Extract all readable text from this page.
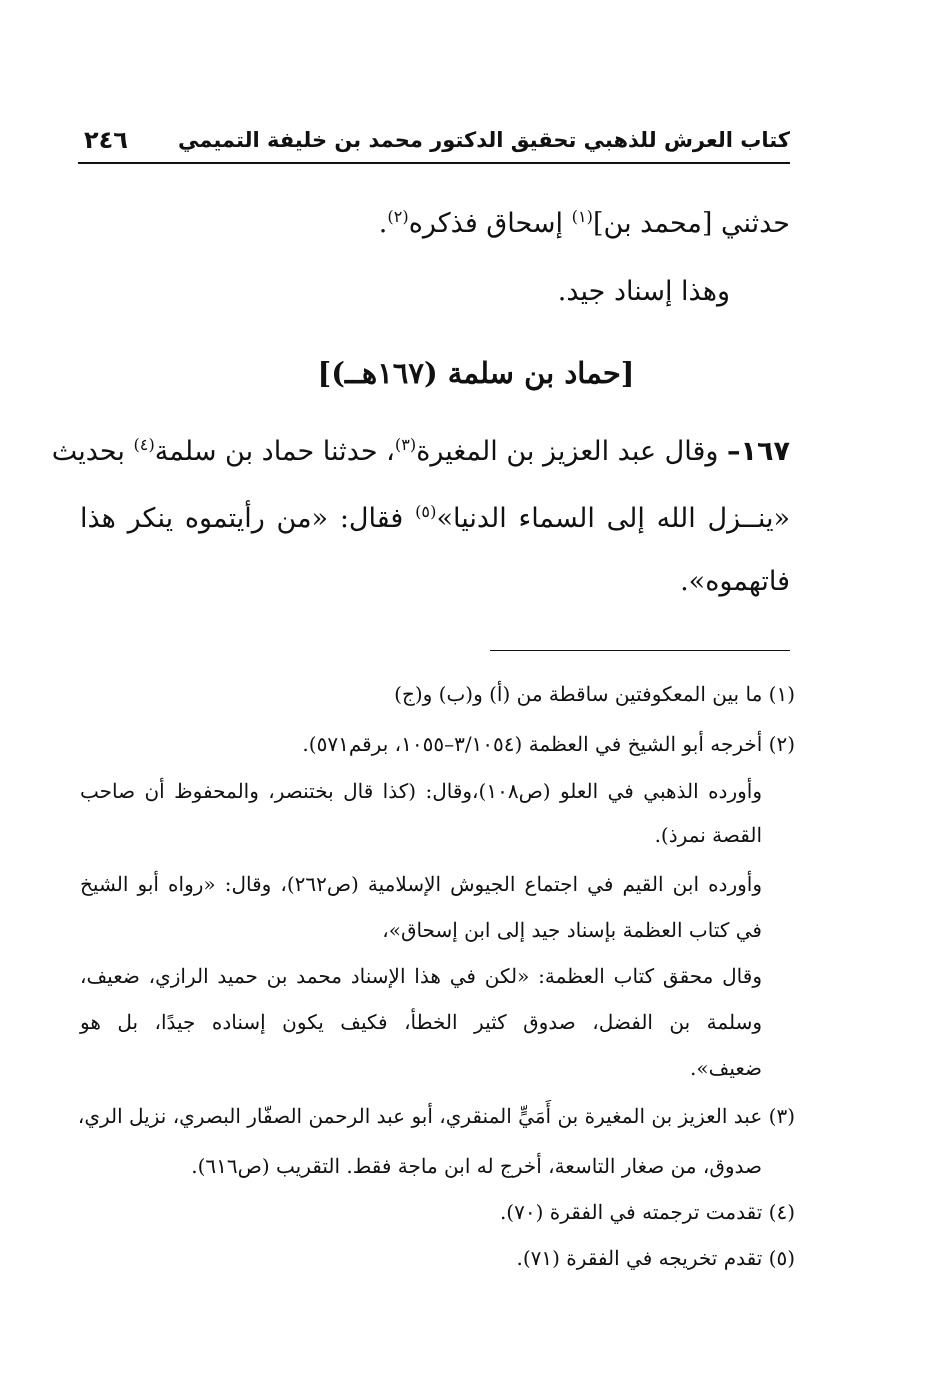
كتاب العرش للذهبي تحقيق الدكتور محمد بن خليفة التميمي
٢٤٦
حدثني [محمد بن]$^{(١)}$ إسحاق فذكره$^{(٢)}$.
وهذا إسناد جيد.
[حماد بن سلمة (١٦٧هــ)]
١٦٧– وقال عبد العزيز بن المغيرة$^{(٣)}$، حدثنا حماد بن سلمة$^{(٤)}$ بحديث
«ينــزل الله إلى السماء الدنيا»$^{(٥)}$ فقال: «من رأيتموه ينكر هذا
فاتهموه».
(١) ما بين المعكوفتين ساقطة من (أ) و(ب) و(ج)
(٢) أخرجه أبو الشيخ في العظمة (٣/١٠٥٤–١٠٥٥، برقم٥٧١).
وأورده الذهبي في العلو (ص١٠٨)،وقال: (كذا قال بختنصر، والمحفوظ أن صاحب
القصة نمرذ).
وأورده ابن القيم في اجتماع الجيوش الإسلامية (ص٢٦٢)، وقال: «رواه أبو الشيخ
في كتاب العظمة بإسناد جيد إلى ابن إسحاق»،
وقال محقق كتاب العظمة: «لكن في هذا الإسناد محمد بن حميد الرازي، ضعيف،
وسلمة بن الفضل، صدوق كثير الخطأ، فكيف يكون إسناده جيدًا، بل هو
ضعيف».
(٣) عبد العزيز بن المغيرة بن أَمَيٍّ المنقري، أبو عبد الرحمن الصفّار البصري، نزيل الري،
صدوق، من صغار التاسعة، أخرج له ابن ماجة فقط. التقريب (ص٦١٦).
(٤) تقدمت ترجمته في الفقرة (٧٠).
(٥) تقدم تخريجه في الفقرة (٧١).
